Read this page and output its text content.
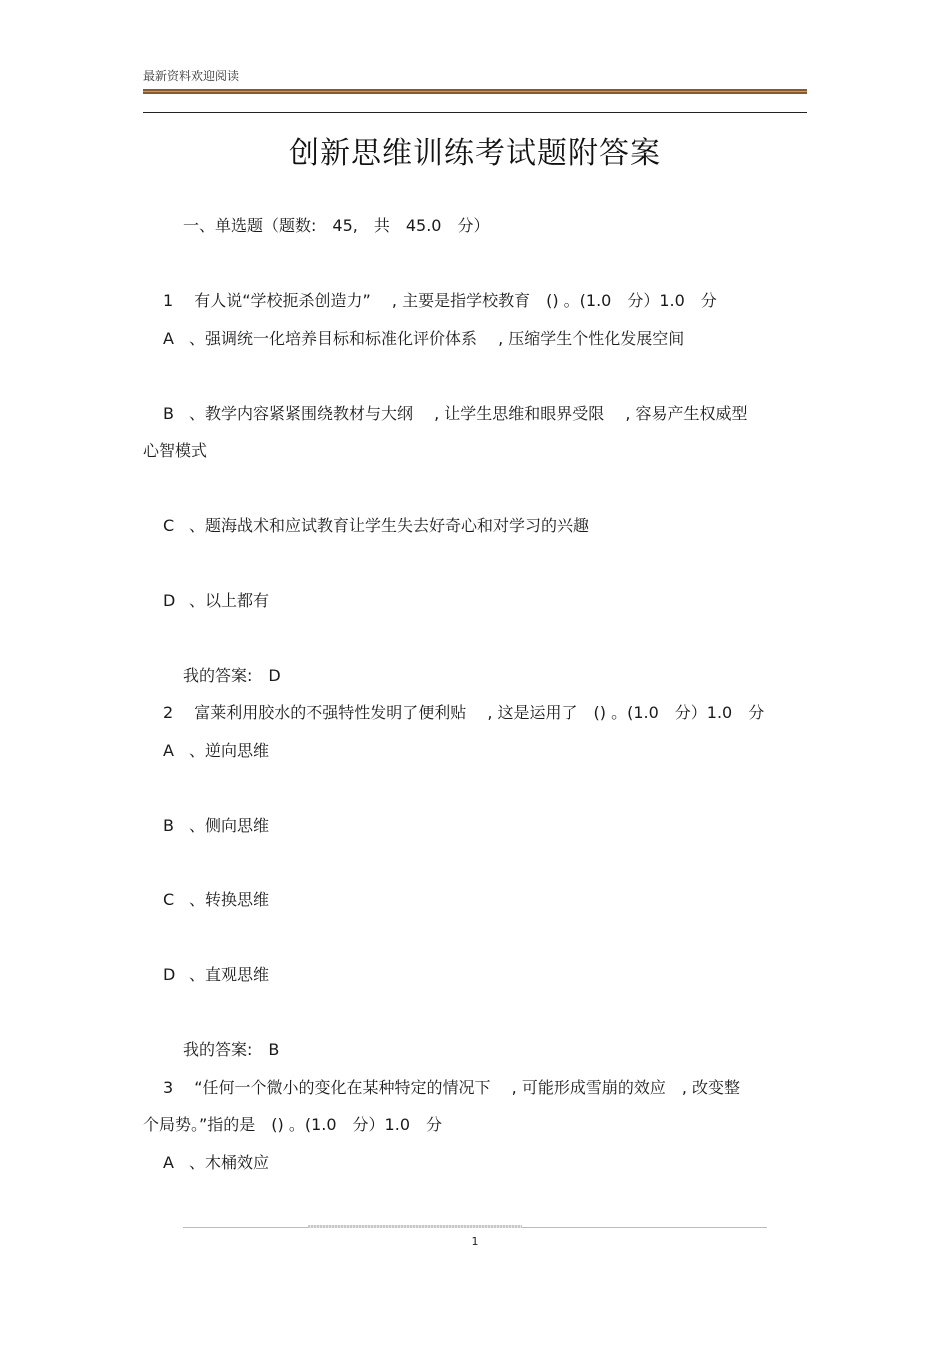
最新资料欢迎阅读
创新思维训练考试题附答案
一、单选题（题数:　45,　共　45.0　分）
1　 有人说“学校扼杀创造力”　 , 主要是指学校教育　() 。(1.0　分）1.0　分
A 、强调统一化培养目标和标准化评价体系　 , 压缩学生个性化发展空间
B 、教学内容紧紧围绕教材与大纲　 , 让学生思维和眼界受限　 , 容易产生权威型
心智模式
C 、题海战术和应试教育让学生失去好奇心和对学习的兴趣
D 、以上都有
我的答案:　D
2　 富莱利用胶水的不强特性发明了便利贴　 , 这是运用了　() 。(1.0　分）1.0　分
A 、逆向思维
B 、侧向思维
C 、转换思维
D 、直观思维
我的答案:　B
3　 “任何一个微小的变化在某种特定的情况下　 , 可能形成雪崩的效应　, 改变整
个局势。”指的是　() 。(1.0　分）1.0　分
A 、木桶效应
1
